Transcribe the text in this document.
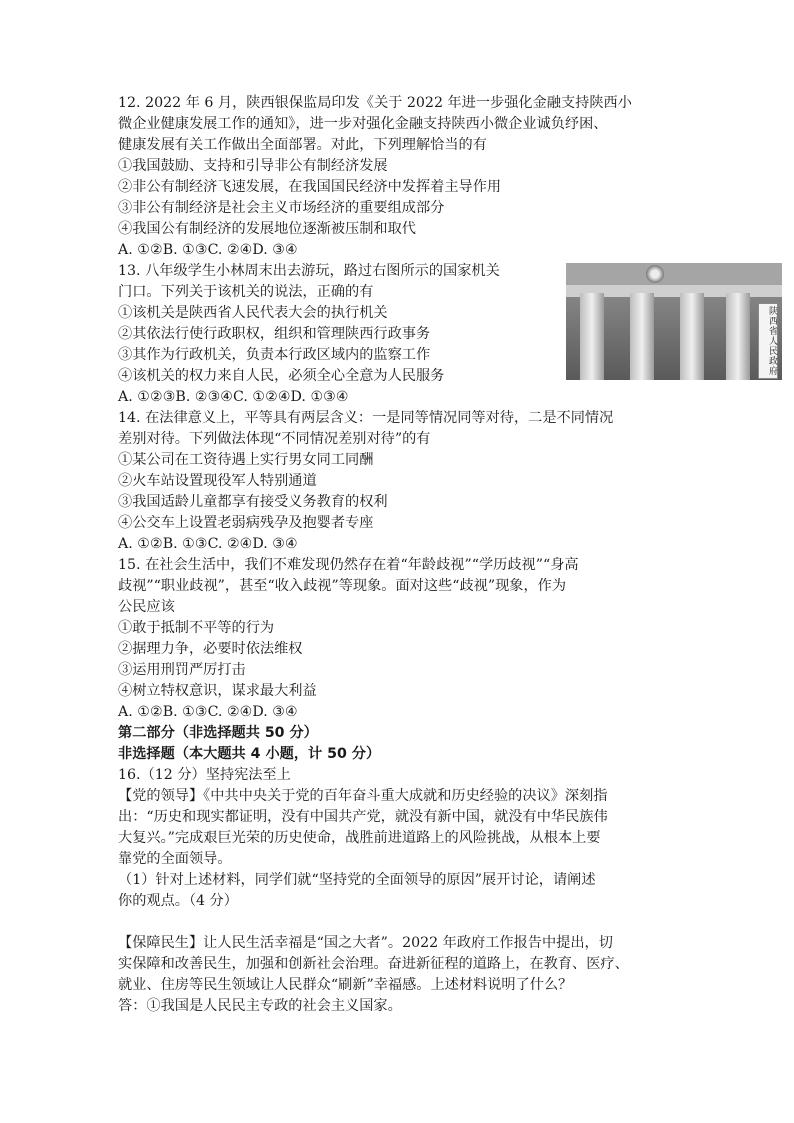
12. 2022 年 6 月，陕西银保监局印发《关于 2022 年进一步强化金融支持陕西小
微企业健康发展工作的通知》，进一步对强化金融支持陕西小微企业诚负纾困、
健康发展有关工作做出全面部署。对此，下列理解恰当的有
①我国鼓励、支持和引导非公有制经济发展
②非公有制经济飞速发展，在我国国民经济中发挥着主导作用
③非公有制经济是社会主义市场经济的重要组成部分
④我国公有制经济的发展地位逐渐被压制和取代
A. ①②B. ①③C. ②④D. ③④
13. 八年级学生小林周末出去游玩，路过右图所示的国家机关
门口。下列关于该机关的说法，正确的有
①该机关是陕西省人民代表大会的执行机关
②其依法行使行政职权，组织和管理陕西行政事务
③其作为行政机关，负责本行政区域内的监察工作
④该机关的权力来自人民，必须全心全意为人民服务
A. ①②③B. ②③④C. ①②④D. ①③④
14. 在法律意义上，平等具有两层含义：一是同等情况同等对待，二是不同情况
差别对待。下列做法体现“不同情况差别对待”的有
①某公司在工资待遇上实行男女同工同酬
②火车站设置现役军人特别通道
③我国适龄儿童都享有接受义务教育的权利
④公交车上设置老弱病残孕及抱婴者专座
A. ①②B. ①③C. ②④D. ③④
15. 在社会生活中，我们不难发现仍然存在着“年龄歧视”“学历歧视”“身高
歧视”“职业歧视”，甚至“收入歧视”等现象。面对这些“歧视”现象，作为
公民应该
①敢于抵制不平等的行为
②据理力争，必要时依法维权
③运用刑罚严厉打击
④树立特权意识，谋求最大利益
A. ①②B. ①③C. ②④D. ③④
第二部分（非选择题共 50 分）
非选择题（本大题共 4 小题，计 50 分）
16.（12 分）坚持宪法至上
【党的领导】《中共中央关于党的百年奋斗重大成就和历史经验的决议》深刻指
出：“历史和现实都证明，没有中国共产党，就没有新中国，就没有中华民族伟
大复兴。”完成艰巨光荣的历史使命，战胜前进道路上的风险挑战，从根本上要
靠党的全面领导。
（1）针对上述材料，同学们就“坚持党的全面领导的原因”展开讨论，请阐述
你的观点。（4 分）
【保障民生】让人民生活幸福是“国之大者”。2022 年政府工作报告中提出，切
实保障和改善民生，加强和创新社会治理。奋进新征程的道路上，在教育、医疗、
就业、住房等民生领域让人民群众“刷新”幸福感。上述材料说明了什么？
答：①我国是人民民主专政的社会主义国家。
陕西省人民政府
